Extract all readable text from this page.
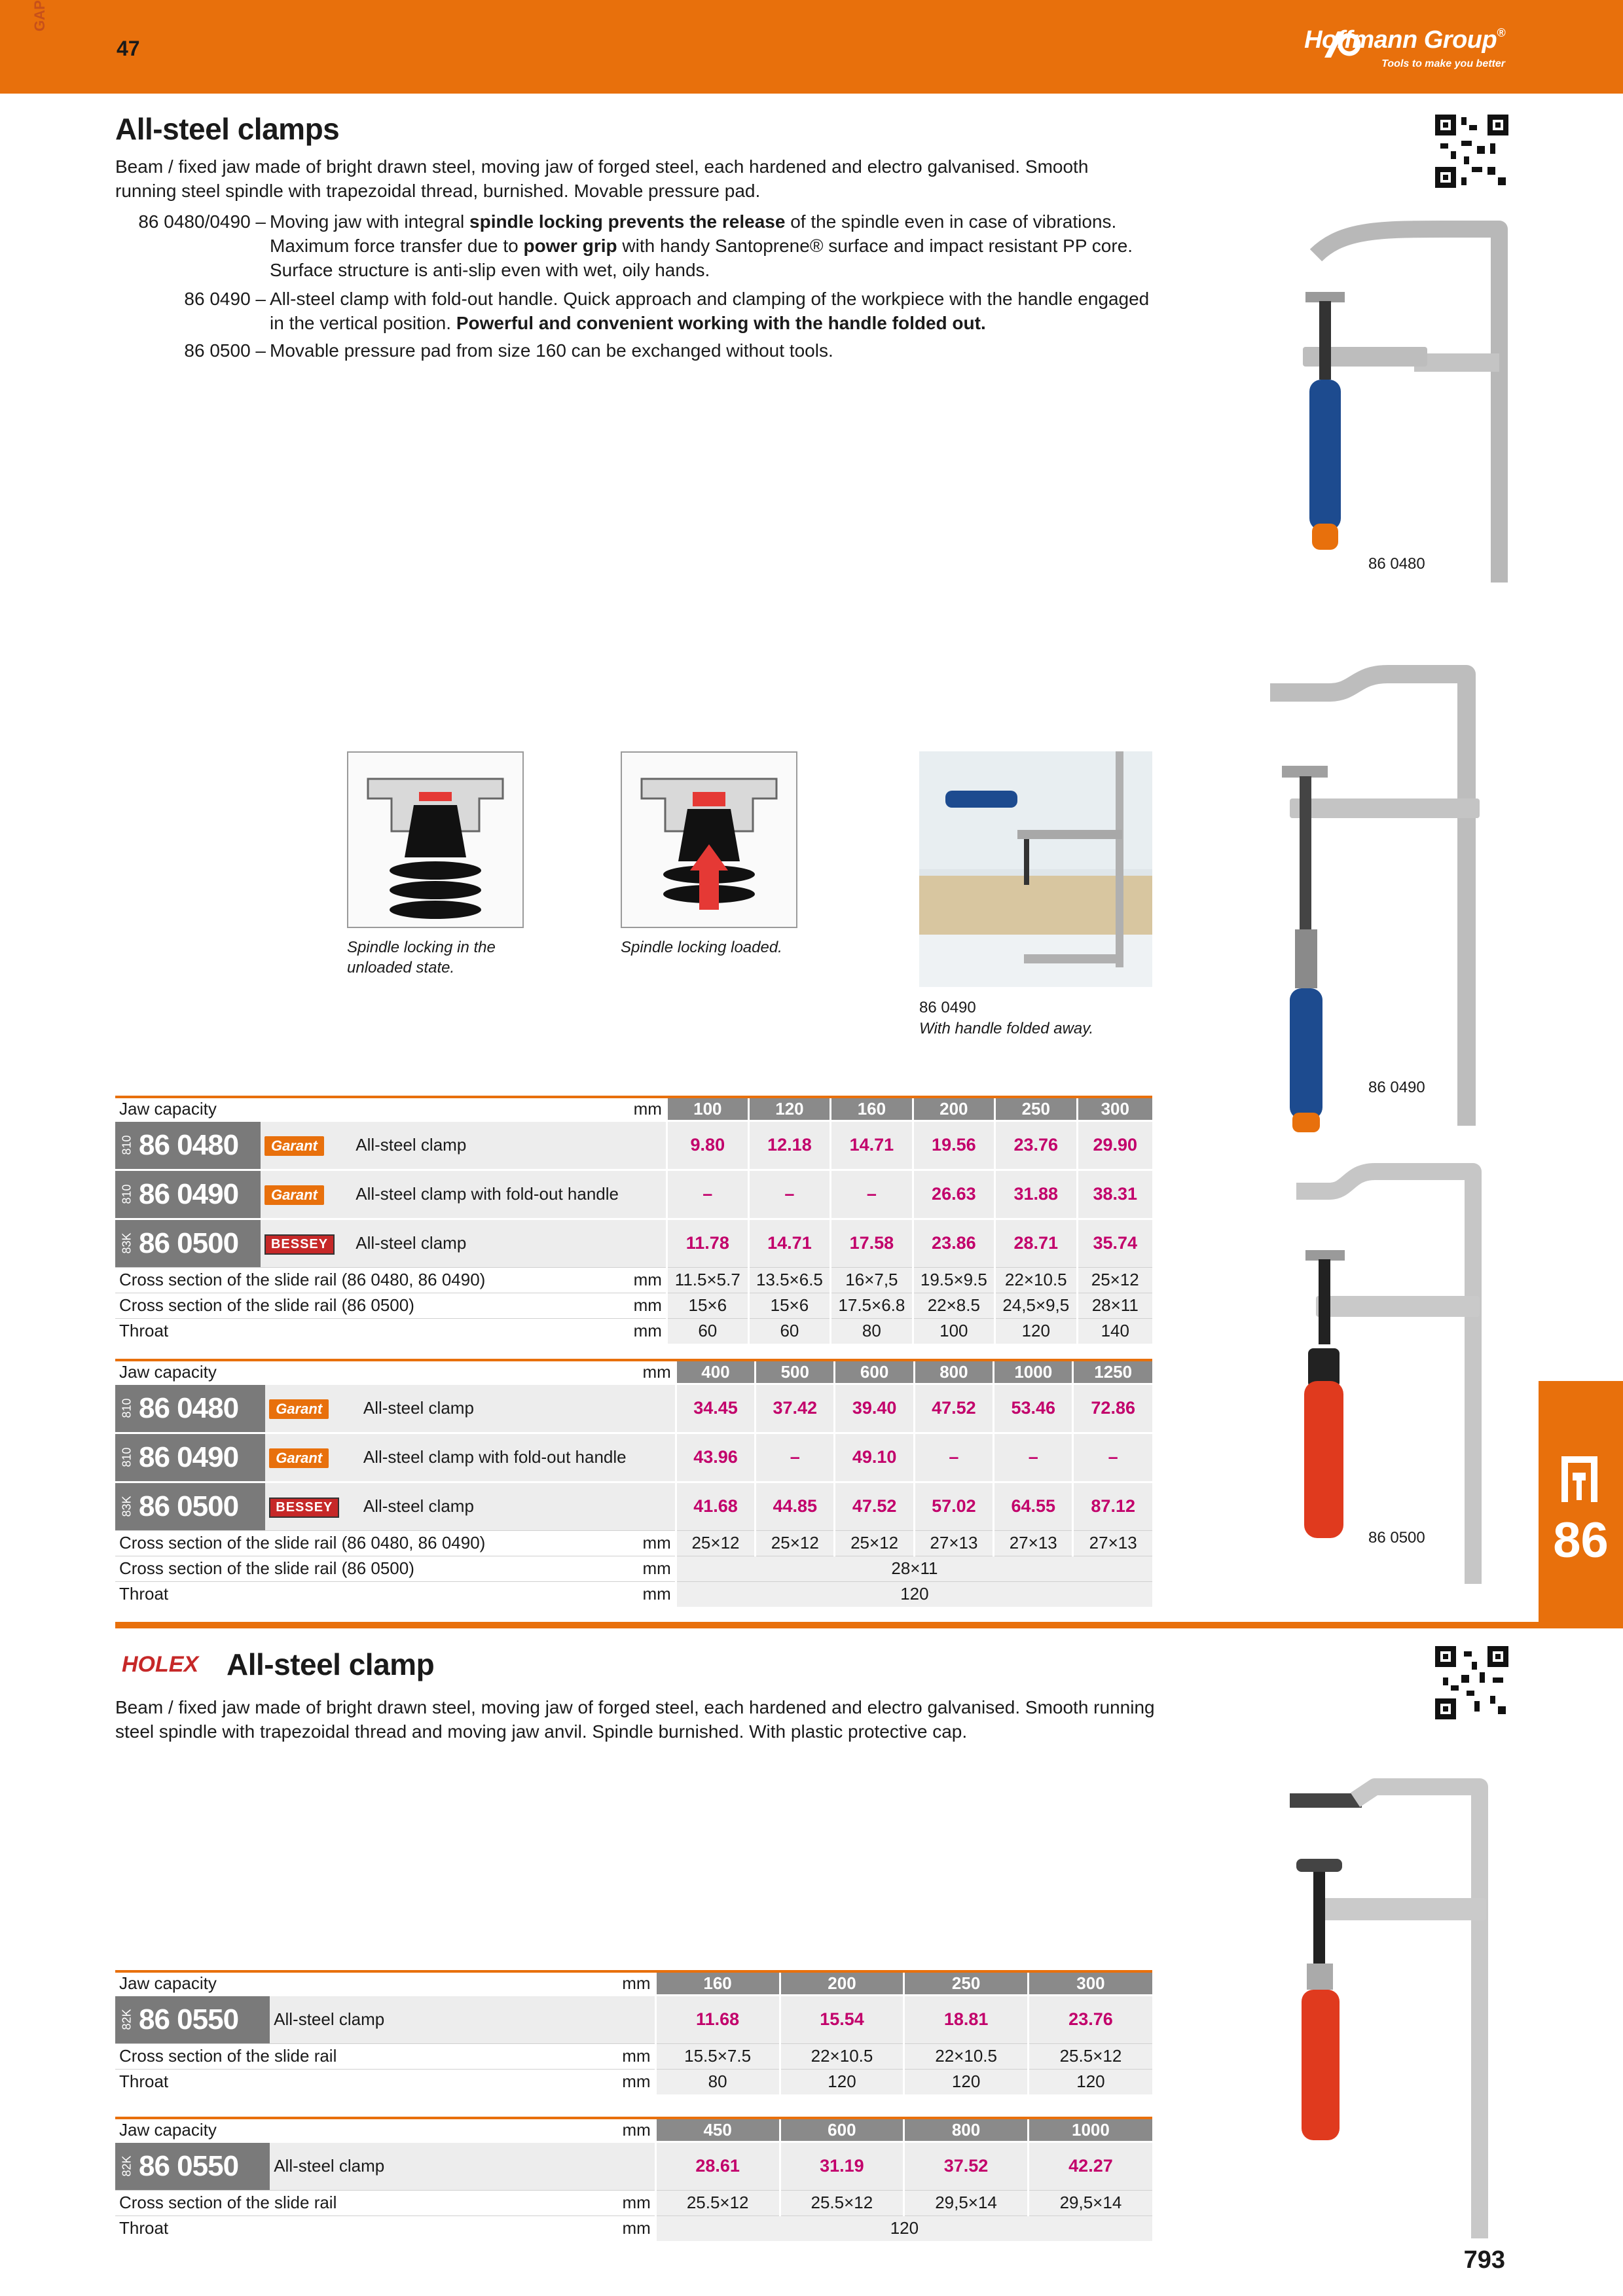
GAP
47	Hoffmann Group®
Tools to make you better
All-steel clamps

Beam / fixed jaw made of bright drawn steel, moving jaw of forged steel, each hardened and electro galvanised. Smooth running steel spindle with trapezoidal thread, burnished. Movable pressure pad.

86 0480/0490 – Moving jaw with integral spindle locking prevents the release of the spindle even in case of vibrations. Maximum force transfer due to power grip with handy Santoprene® surface and impact resistant PP core. Surface structure is anti-slip even with wet, oily hands.
86 0490 – All-steel clamp with fold-out handle. Quick approach and clamping of the workpiece with the handle engaged in the vertical position. Powerful and convenient working with the handle folded out.
86 0500 – Movable pressure pad from size 160 can be exchanged without tools.
86 0480
86 0490
86 0500
Spindle locking in the unloaded state.
Spindle locking loaded.
86 0490
With handle folded away.
Jaw capacity			mm	100	120	160	200	250	300

810 86 0480	Garant	All-steel clamp		9.80	12.18	14.71	19.56	23.76	29.90

810 86 0490	Garant	All-steel clamp with fold-out handle		–	–	–	26.63	31.88	38.31

83K 86 0500	BESSEY	All-steel clamp		11.78	14.71	17.58	23.86	28.71	35.74
Cross section of the slide rail (86 0480, 86 0490)			mm	11.5×5.7	13.5×6.5	16×7,5	19.5×9.5	22×10.5	25×12
Cross section of the slide rail (86 0500)			mm	15×6	15×6	17.5×6.8	22×8.5	24,5×9,5	28×11
Throat			mm	60	60	80	100	120	140
Jaw capacity			mm	400	500	600	800	1000	1250

810 86 0480	Garant	All-steel clamp		34.45	37.42	39.40	47.52	53.46	72.86

810 86 0490	Garant	All-steel clamp with fold-out handle		43.96	–	49.10	–	–	–

83K 86 0500	BESSEY	All-steel clamp		41.68	44.85	47.52	57.02	64.55	87.12
Cross section of the slide rail (86 0480, 86 0490)			mm	25×12	25×12	25×12	27×13	27×13	27×13
Cross section of the slide rail (86 0500)			mm	28×11					
Throat			mm	120					
86
HOLEX All-steel clamp

Beam / fixed jaw made of bright drawn steel, moving jaw of forged steel, each hardened and electro galvanised. Smooth running steel spindle with trapezoidal thread and moving jaw anvil. Spindle burnished. With plastic protective cap.

Jaw capacity		mm	160	200	250	300

82K 86 0550	All-steel clamp		11.68	15.54	18.81	23.76
Cross section of the slide rail		mm	15.5×7.5	22×10.5	22×10.5	25.5×12
Throat		mm	80	120	120	120
Jaw capacity		mm	450	600	800	1000

82K 86 0550	All-steel clamp		28.61	31.19	37.52	42.27
Cross section of the slide rail		mm	25.5×12	25.5×12	29,5×14	29,5×14
Throat		mm	120			
793
